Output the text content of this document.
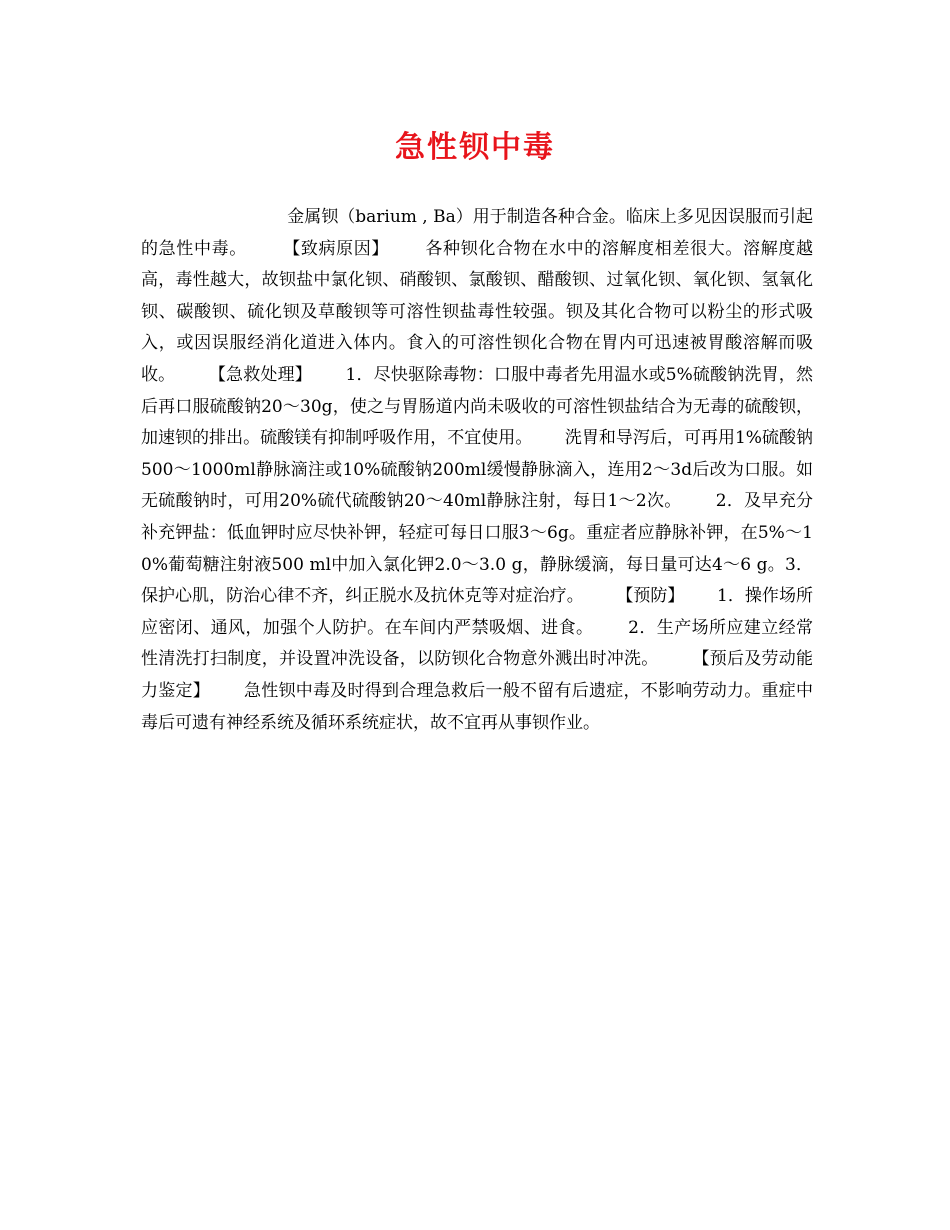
急性钡中毒
金属钡（barium , Ba）用于制造各种合金。临床上多见因误服而引起的急性中毒。      【致病原因】      各种钡化合物在水中的溶解度相差很大。溶解度越高，毒性越大，故钡盐中氯化钡、硝酸钡、氯酸钡、醋酸钡、过氧化钡、氧化钡、氢氧化钡、碳酸钡、硫化钡及草酸钡等可溶性钡盐毒性较强。钡及其化合物可以粉尘的形式吸入，或因误服经消化道进入体内。食入的可溶性钡化合物在胃内可迅速被胃酸溶解而吸收。      【急救处理】      1．尽快驱除毒物：口服中毒者先用温水或5%硫酸钠洗胃，然后再口服硫酸钠20～30g，使之与胃肠道内尚未吸收的可溶性钡盐结合为无毒的硫酸钡，加速钡的排出。硫酸镁有抑制呼吸作用，不宜使用。      洗胃和导泻后，可再用1%硫酸钠500～1000ml静脉滴注或10%硫酸钠200ml缓慢静脉滴入，连用2～3d后改为口服。如无硫酸钠时，可用20%硫代硫酸钠20～40ml静脉注射，每日1～2次。      2．及早充分补充钾盐：低血钾时应尽快补钾，轻症可每日口服3～6g。重症者应静脉补钾，在5%～10%葡萄糖注射液500 ml中加入氯化钾2.0～3.0 g，静脉缓滴，每日量可达4～6 g。3．保护心肌，防治心律不齐，纠正脱水及抗休克等对症治疗。      【预防】      1．操作场所应密闭、通风，加强个人防护。在车间内严禁吸烟、进食。      2．生产场所应建立经常性清洗打扫制度，并设置冲洗设备，以防钡化合物意外溅出时冲洗。      【预后及劳动能力鉴定】      急性钡中毒及时得到合理急救后一般不留有后遗症，不影响劳动力。重症中毒后可遗有神经系统及循环系统症状，故不宜再从事钡作业。
